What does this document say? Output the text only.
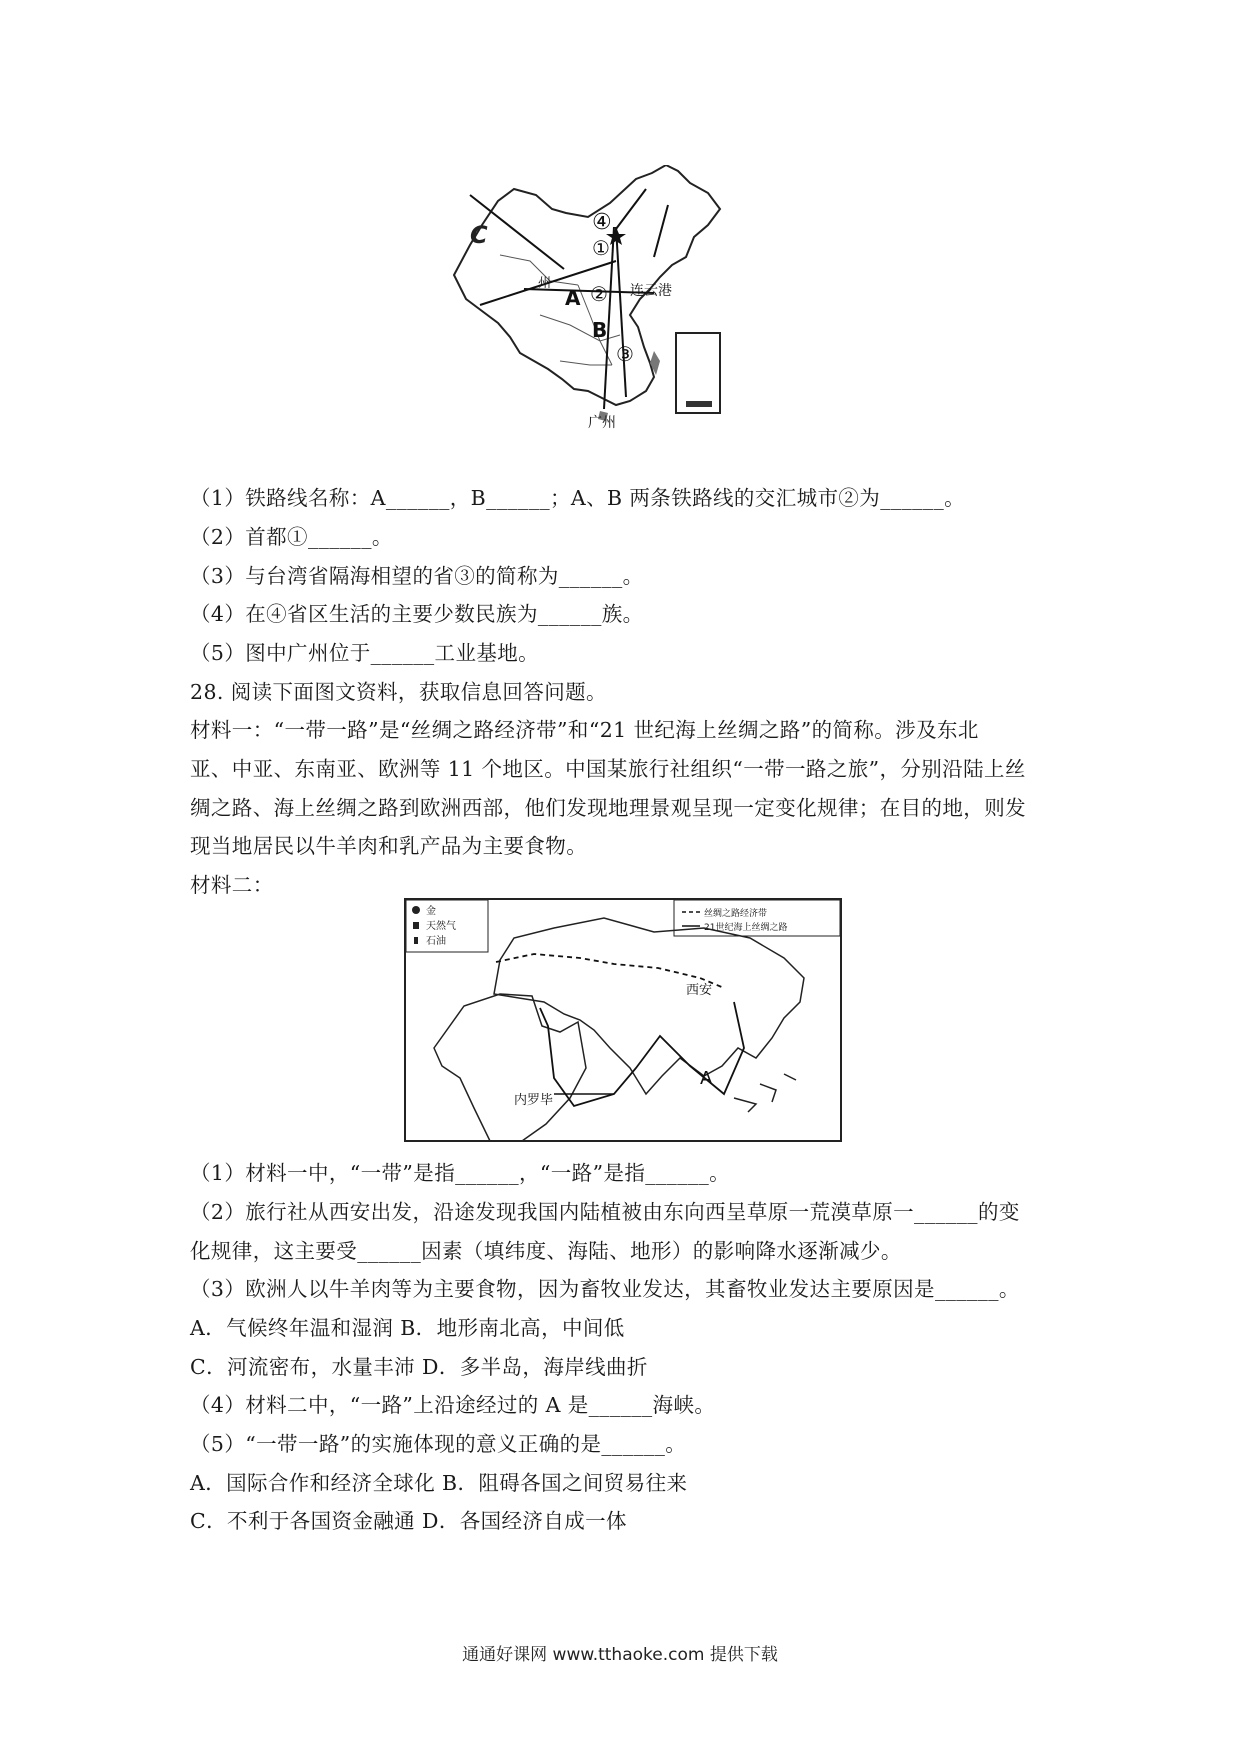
C
A
B
④
①
②
③
州	连云港
广州
（1）铁路线名称：A______，B______；A、B 两条铁路线的交汇城市②为______。
（2）首都①______。
（3）与台湾省隔海相望的省③的简称为______。
（4）在④省区生活的主要少数民族为______族。
（5）图中广州位于______工业基地。
28. 阅读下面图文资料，获取信息回答问题。
材料一：“一带一路”是“丝绸之路经济带”和“21 世纪海上丝绸之路”的简称。涉及东北
亚、中亚、东南亚、欧洲等 11 个地区。中国某旅行社组织“一带一路之旅”，分别沿陆上丝
绸之路、海上丝绸之路到欧洲西部，他们发现地理景观呈现一定变化规律；在目的地，则发
现当地居民以牛羊肉和乳产品为主要食物。
材料二：
金
天然气
石油
丝绸之路经济带
21世纪海上丝绸之路
西安
内罗毕
A
（1）材料一中，“一带”是指______，“一路”是指______。
（2）旅行社从西安出发，沿途发现我国内陆植被由东向西呈草原一荒漠草原一______的变
化规律，这主要受______因素（填纬度、海陆、地形）的影响降水逐渐减少。
（3）欧洲人以牛羊肉等为主要食物，因为畜牧业发达，其畜牧业发达主要原因是______。
A．气候终年温和湿润 B．地形南北高，中间低
C．河流密布，水量丰沛 D．多半岛，海岸线曲折
（4）材料二中，“一路”上沿途经过的 A 是______海峡。
（5）“一带一路”的实施体现的意义正确的是______。
A．国际合作和经济全球化 B．阻碍各国之间贸易往来
C．不利于各国资金融通 D．各国经济自成一体
通通好课网 www.tthaoke.com 提供下载
